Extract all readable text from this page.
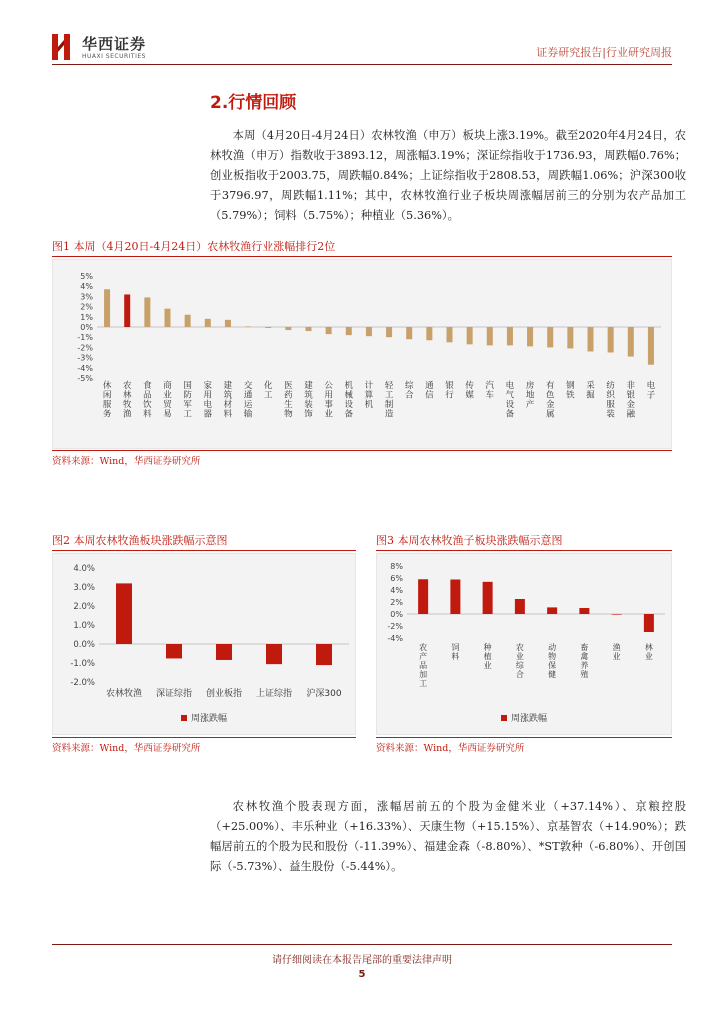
华西证券
HUAXI SECURITIES	证券研究报告|行业研究周报
2.行情回顾
本周（4月20日-4月24日）农林牧渔（申万）板块上涨3.19%。截至2020年4月24日，农林牧渔（申万）指数收于3893.12，周涨幅3.19%；深证综指收于1736.93，周跌幅0.76%；创业板指收于2003.75，周跌幅0.84%；上证综指收于2808.53，周跌幅1.06%；沪深300收于3796.97，周跌幅1.11%；其中，农林牧渔行业子板块周涨幅居前三的分别为农产品加工（5.79%）；饲料（5.75%）；种植业（5.36%）。
图1 本周（4月20日-4月24日）农林牧渔行业涨幅排行2位
5%
4%
3%
2%
1%
0%
-1%
-2%
-3%
-4%
-5%
休闲服务
农林牧渔
食品饮料
商业贸易
国防军工
家用电器
建筑材料
交通运输
化工
医药生物
建筑装饰
公用事业
机械设备
计算机
轻工制造
综合
通信
银行
传媒
汽车
电气设备
房地产
有色金属
钢铁
采掘
纺织服装
非银金融
电子
资料来源：Wind，华西证券研究所
图2 本周农林牧渔板块涨跌幅示意图
4.0%
3.0%
2.0%
1.0%
0.0%
-1.0%
-2.0%
农林牧渔 深证综指 创业板指 上证综指 沪深300
周涨跌幅
资料来源：Wind，华西证券研究所
图3 本周农林牧渔子板块涨跌幅示意图
8%
6%
4%
2%
0%
-2%
-4%
农产品加工
饲料
种植业
农业综合
动物保健
畜禽养殖
渔业
林业
周涨跌幅
资料来源：Wind，华西证券研究所
农林牧渔个股表现方面，涨幅居前五的个股为金健米业（+37.14%）、京粮控股（+25.00%）、丰乐种业（+16.33%）、天康生物（+15.15%）、京基智农（+14.90%）；跌幅居前五的个股为民和股份（-11.39%）、福建金森（-8.80%）、*ST敦种（-6.80%）、开创国际（-5.73%）、益生股份（-5.44%）。
请仔细阅读在本报告尾部的重要法律声明
5
